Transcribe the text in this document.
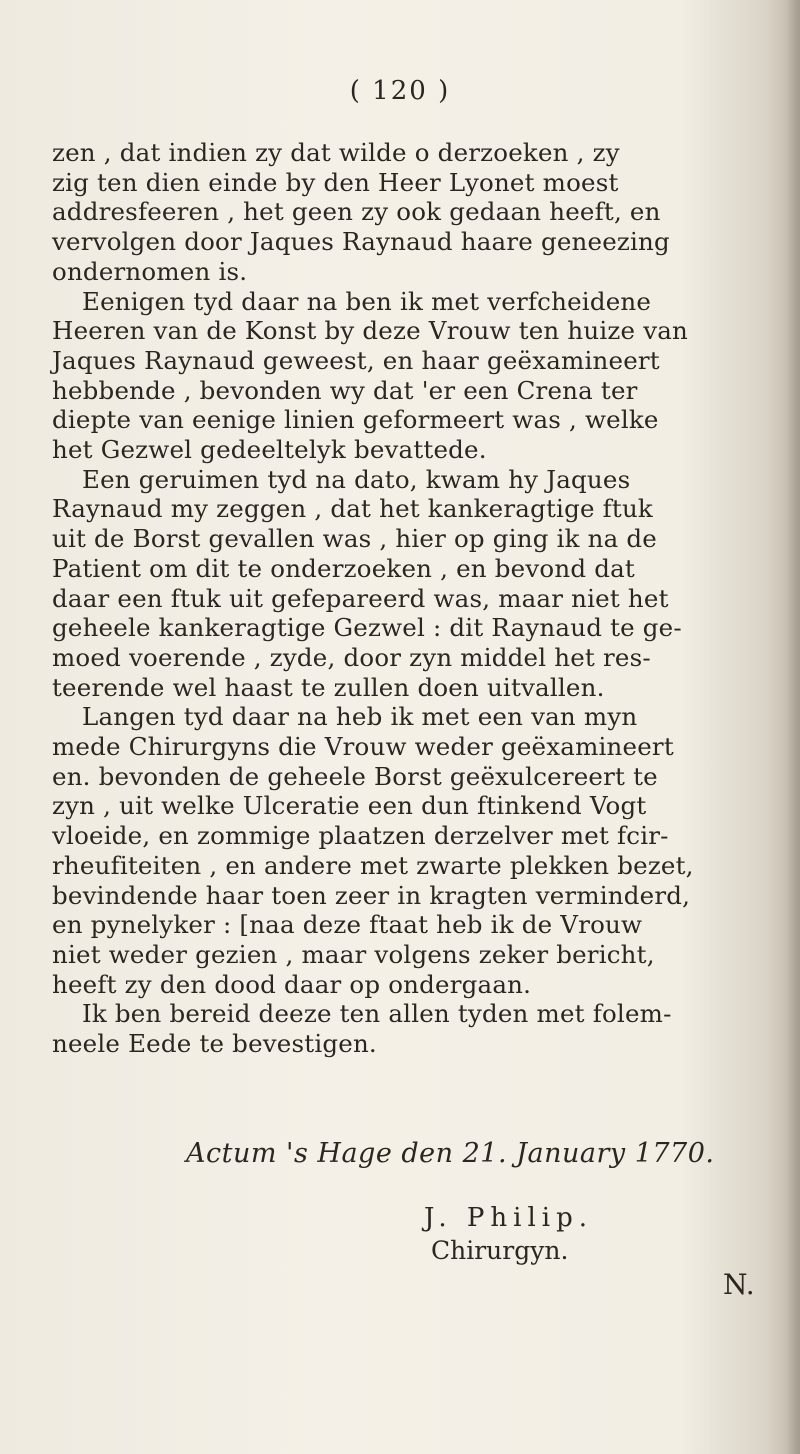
( 120 )
zen , dat indien zy dat wilde o derzoeken , zy
zig ten dien einde by den Heer Lyonet moest
addresfeeren , het geen zy ook gedaan heeft, en
vervolgen door Jaques Raynaud haare geneezing
ondernomen is.
Eenigen tyd daar na ben ik met verfcheidene
Heeren van de Konst by deze Vrouw ten huize van
Jaques Raynaud geweest, en haar geëxamineert
hebbende , bevonden wy dat 'er een Crena ter
diepte van eenige linien geformeert was , welke
het Gezwel gedeeltelyk bevattede.
Een geruimen tyd na dato, kwam hy Jaques
Raynaud my zeggen , dat het kankeragtige ftuk
uit de Borst gevallen was , hier op ging ik na de
Patient om dit te onderzoeken , en bevond dat
daar een ftuk uit gefepareerd was, maar niet het
geheele kankeragtige Gezwel : dit Raynaud te ge-
moed voerende , zyde, door zyn middel het res-
teerende wel haast te zullen doen uitvallen.
Langen tyd daar na heb ik met een van myn
mede Chirurgyns die Vrouw weder geëxamineert
en. bevonden de geheele Borst geëxulcereert te
zyn , uit welke Ulceratie een dun ftinkend Vogt
vloeide, en zommige plaatzen derzelver met fcir-
rheufiteiten , en andere met zwarte plekken bezet,
bevindende haar toen zeer in kragten verminderd,
en pynelyker : [naa deze ftaat heb ik de Vrouw
niet weder gezien , maar volgens zeker bericht,
heeft zy den dood daar op ondergaan.
Ik ben bereid deeze ten allen tyden met folem-
neele Eede te bevestigen.
Actum 's Hage den 21. January 1770.
J. Philip.
Chirurgyn.
N.
